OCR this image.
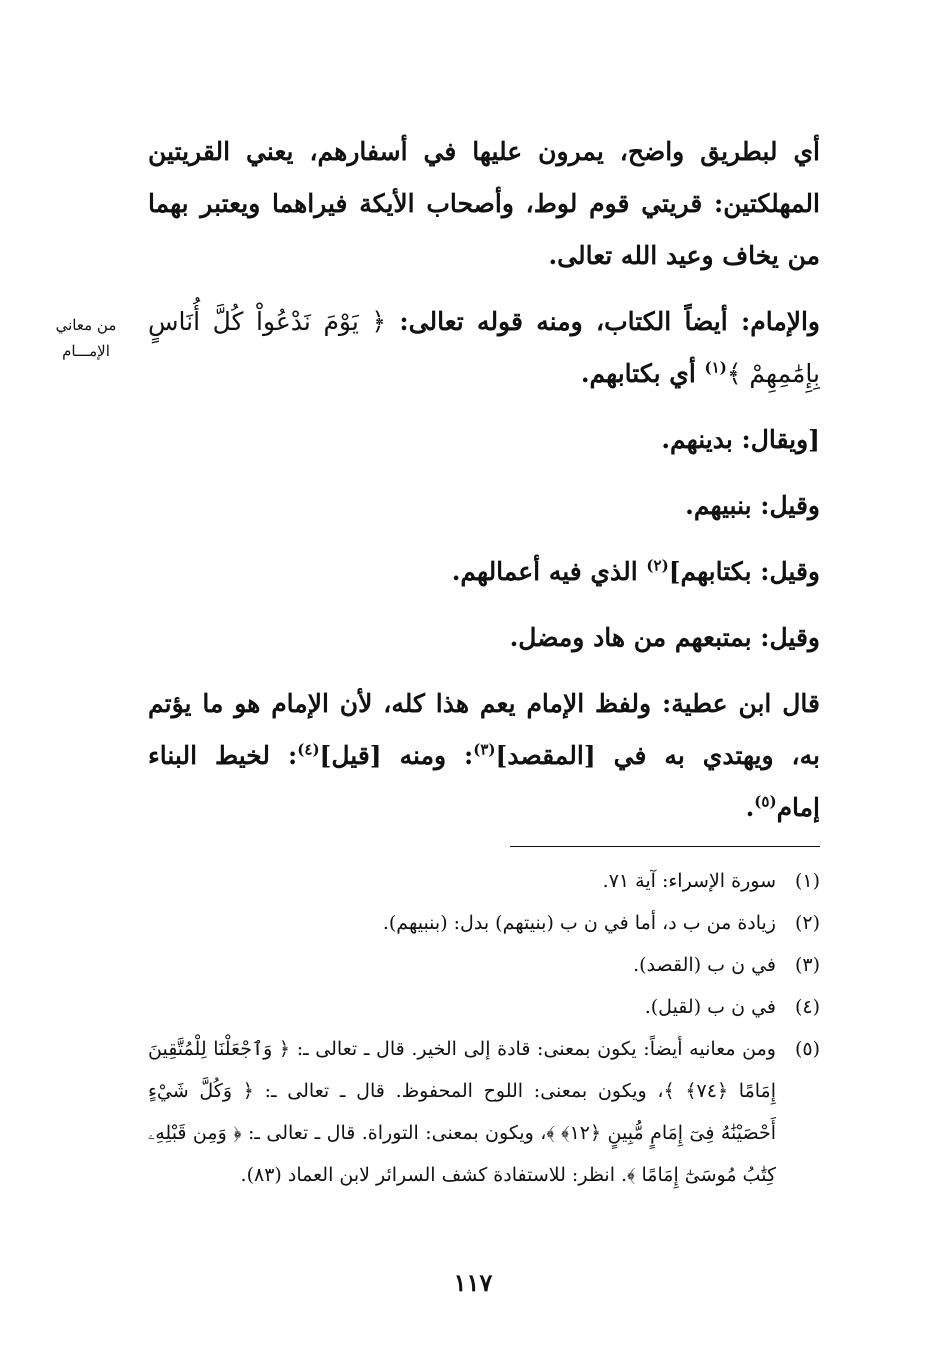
أي لبطريق واضح، يمرون عليها في أسفارهم، يعني القريتين المهلكتين: قريتي قوم لوط، وأصحاب الأيكة فيراهما ويعتبر بهما من يخاف وعيد الله تعالى.

والإمام: أيضاً الكتاب، ومنه قوله تعالى: ﴿ يَوْمَ نَدْعُواْ كُلَّ أُنَاسٍ بِإِمَٰمِهِمْ ﴾$^{(١)}$ أي بكتابهم.

[ويقال: بدينهم.

وقيل: بنبيهم.

وقيل: بكتابهم]$^{(٢)}$ الذي فيه أعمالهم.

وقيل: بمتبعهم من هاد ومضل.

قال ابن عطية: ولفظ الإمام يعم هذا كله، لأن الإمام هو ما يؤتم به، ويهتدي به في [المقصد]$^{(٣)}$: ومنه [قيل]$^{(٤)}$: لخيط البناء إمام$^{(٥)}$.

من معاني
الإمـــام
(١)
سورة الإسراء: آية ٧١.
(٢)
زيادة من ب د، أما في ن ب (بنيتهم) بدل: (بنبيهم).
(٣)
في ن ب (القصد).
(٤)
في ن ب (لقيل).
(٥)
ومن معانيه أيضاً: يكون بمعنى: قادة إلى الخير. قال ـ تعالى ـ: ﴿ وَٱجْعَلْنَا لِلْمُتَّقِينَ إِمَامًا ﴿٧٤﴾ ﴾، ويكون بمعنى: اللوح المحفوظ. قال ـ تعالى ـ: ﴿ وَكُلَّ شَيْءٍ أَحْصَيْنَٰهُ فِىٓ إِمَامٍ مُّبِينٍ ﴿١٢﴾ ﴾، ويكون بمعنى: التوراة. قال ـ تعالى ـ: ﴿ وَمِن قَبْلِهِۦ كِتَٰبُ مُوسَىٰٓ إِمَامًا ﴾. انظر: للاستفادة كشف السرائر لابن العماد (٨٣).
١١٧
